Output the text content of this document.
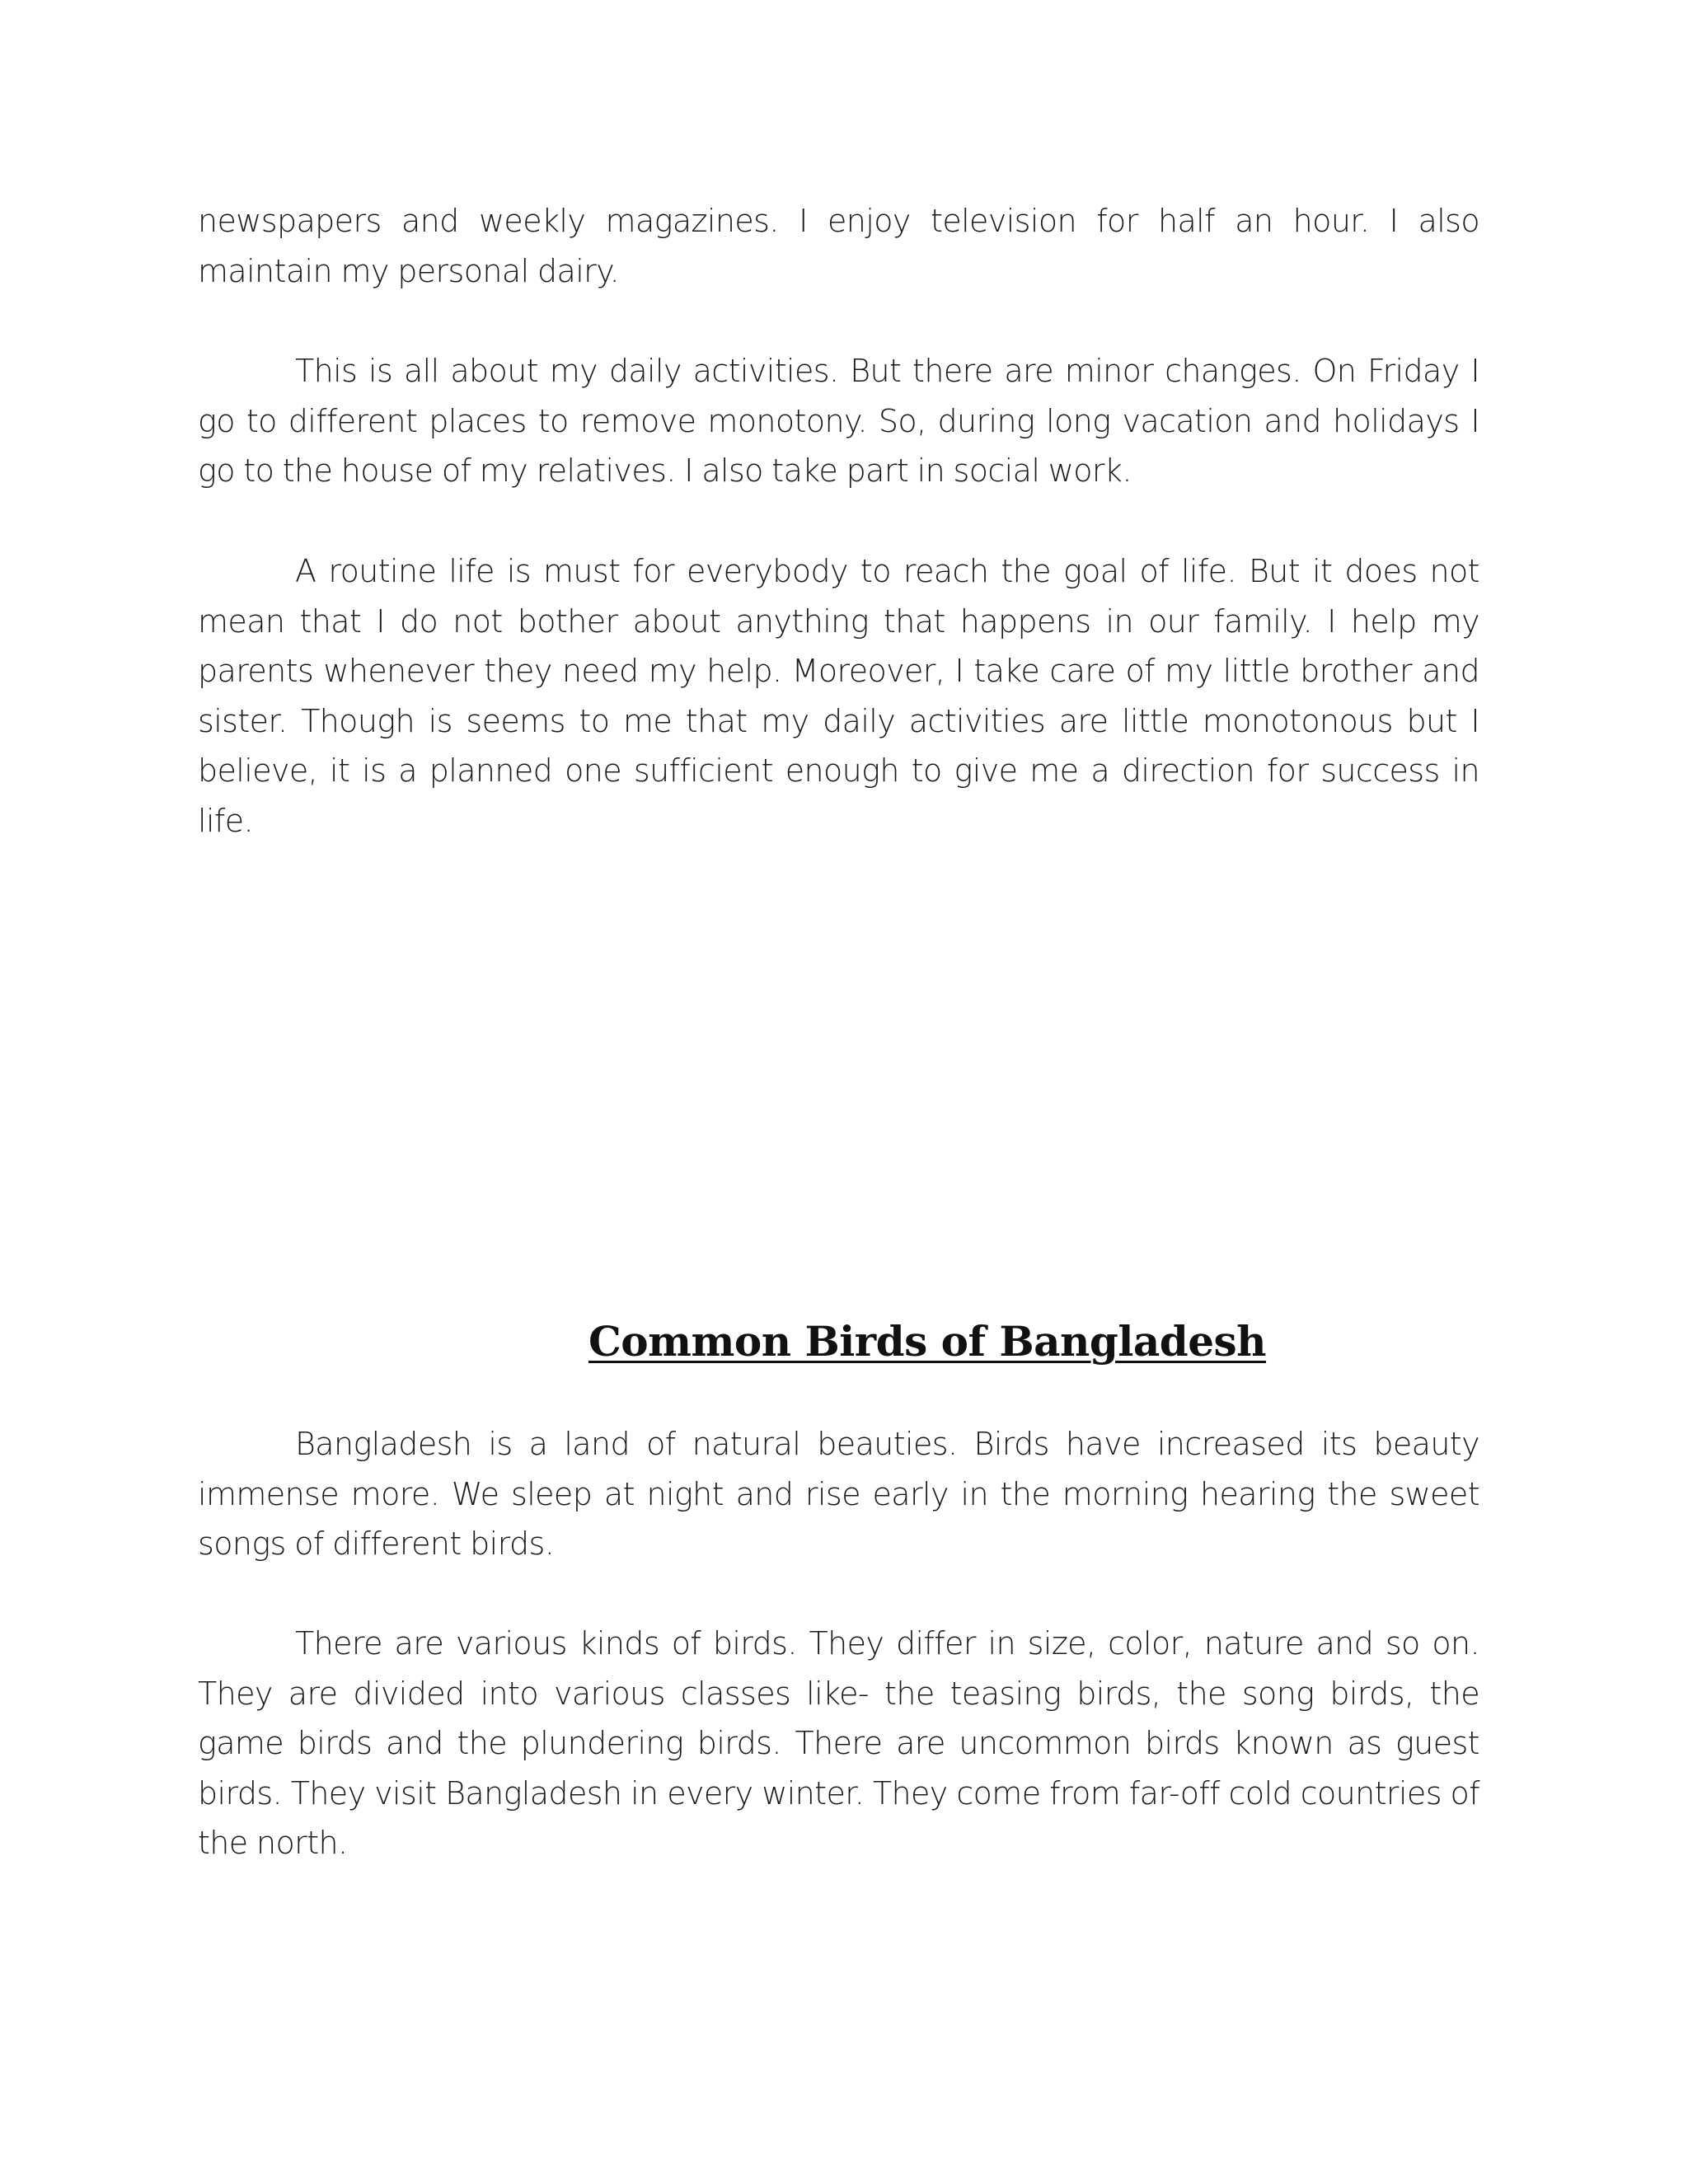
newspapers and weekly magazines. I enjoy television for half an hour. I also maintain my personal dairy.

This is all about my daily activities. But there are minor changes. On Friday I go to different places to remove monotony. So, during long vacation and holidays I go to the house of my relatives. I also take part in social work.

A routine life is must for everybody to reach the goal of life. But it does not mean that I do not bother about anything that happens in our family. I help my parents whenever they need my help. Moreover, I take care of my little brother and sister. Though is seems to me that my daily activities are little monotonous but I believe, it is a planned one sufficient enough to give me a direction for success in life.

Common Birds of Bangladesh

Bangladesh is a land of natural beauties. Birds have increased its beauty immense more. We sleep at night and rise early in the morning hearing the sweet songs of different birds.

There are various kinds of birds. They differ in size, color, nature and so on. They are divided into various classes like- the teasing birds, the song birds, the game birds and the plundering birds. There are uncommon birds known as guest birds. They visit Bangladesh in every winter. They come from far-off cold countries of the north.
